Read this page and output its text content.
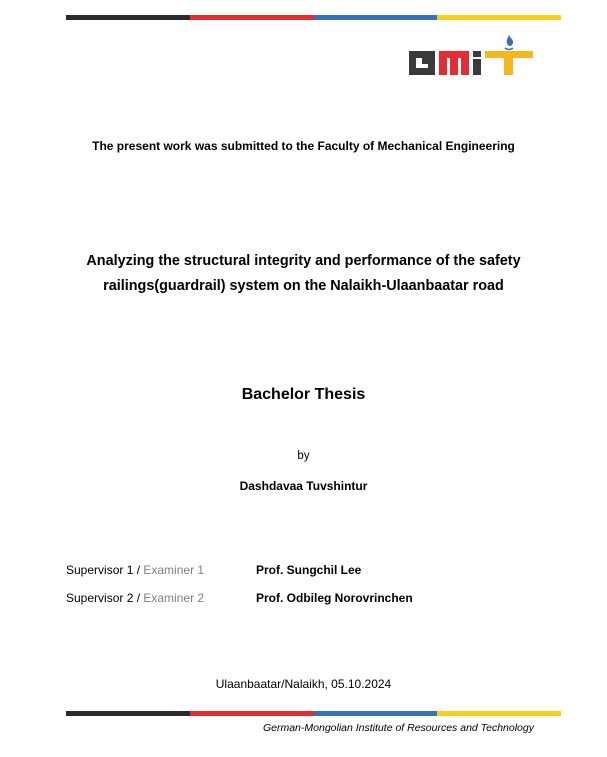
The present work was submitted to the Faculty of Mechanical Engineering
Analyzing the structural integrity and performance of the safety
railings(guardrail) system on the Nalaikh-Ulaanbaatar road
Bachelor Thesis
by
Dashdavaa Tuvshintur
Supervisor 1 / Examiner 1	Prof. Sungchil Lee
Supervisor 2 / Examiner 2	Prof. Odbileg Norovrinchen
Ulaanbaatar/Nalaikh, 05.10.2024
German-Mongolian Institute of Resources and Technology
